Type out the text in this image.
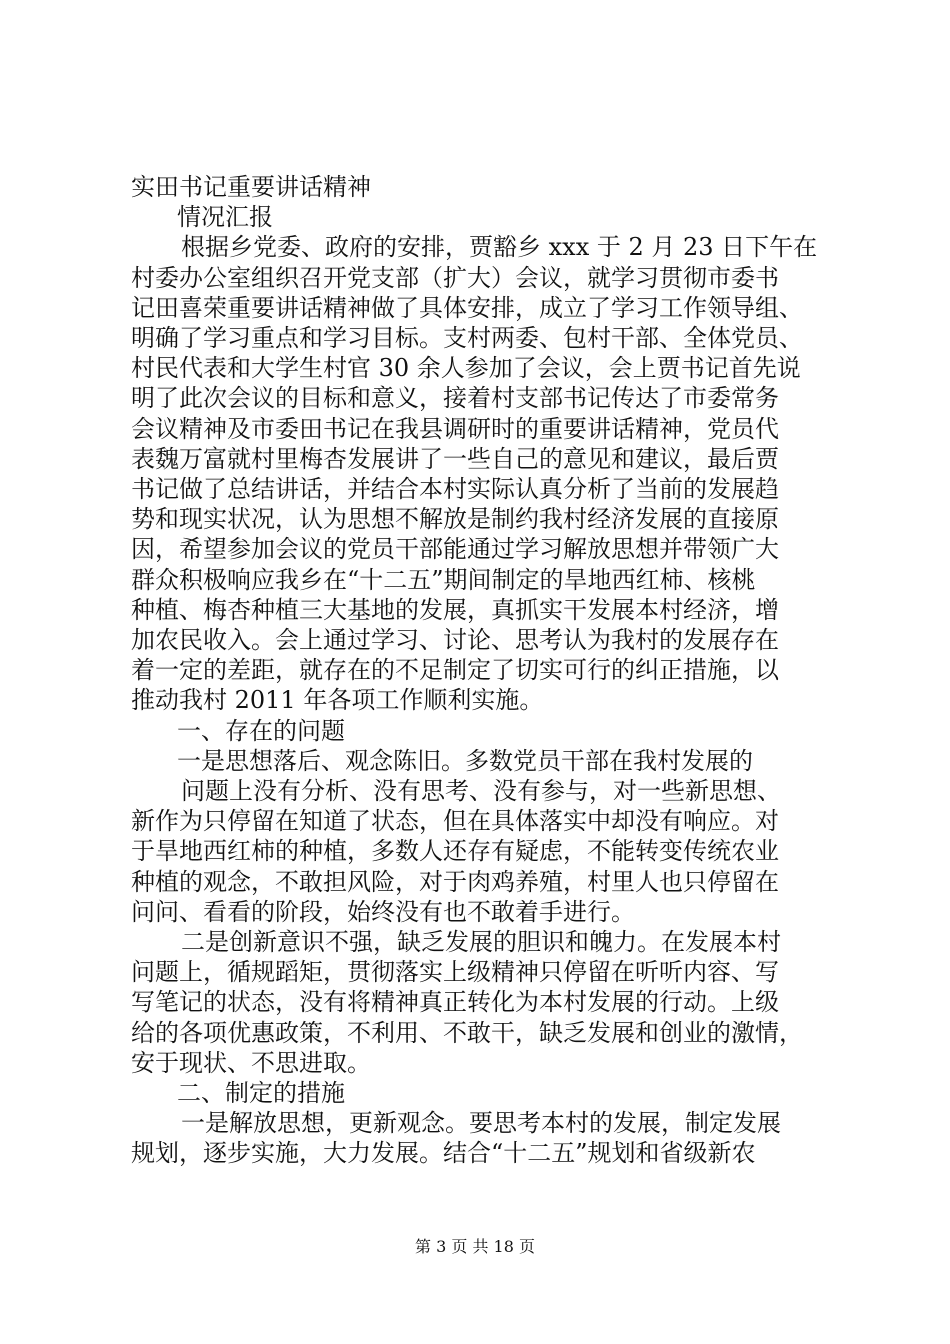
实田书记重要讲话精神
情况汇报
根据乡党委、政府的安排，贾豁乡 xxx 于 2 月 23 日下午在
村委办公室组织召开党支部（扩大）会议，就学习贯彻市委书
记田喜荣重要讲话精神做了具体安排，成立了学习工作领导组、
明确了学习重点和学习目标。支村两委、包村干部、全体党员、
村民代表和大学生村官 30 余人参加了会议，会上贾书记首先说
明了此次会议的目标和意义，接着村支部书记传达了市委常务
会议精神及市委田书记在我县调研时的重要讲话精神，党员代
表魏万富就村里梅杏发展讲了一些自己的意见和建议，最后贾
书记做了总结讲话，并结合本村实际认真分析了当前的发展趋
势和现实状况，认为思想不解放是制约我村经济发展的直接原
因，希望参加会议的党员干部能通过学习解放思想并带领广大
群众积极响应我乡在“十二五”期间制定的旱地西红柿、核桃
种植、梅杏种植三大基地的发展，真抓实干发展本村经济，增
加农民收入。会上通过学习、讨论、思考认为我村的发展存在
着一定的差距，就存在的不足制定了切实可行的纠正措施，以
推动我村 2011 年各项工作顺利实施。
一、存在的问题
一是思想落后、观念陈旧。多数党员干部在我村发展的
问题上没有分析、没有思考、没有参与，对一些新思想、
新作为只停留在知道了状态，但在具体落实中却没有响应。对
于旱地西红柿的种植，多数人还存有疑虑，不能转变传统农业
种植的观念，不敢担风险，对于肉鸡养殖，村里人也只停留在
问问、看看的阶段，始终没有也不敢着手进行。
二是创新意识不强，缺乏发展的胆识和魄力。在发展本村
问题上，循规蹈矩，贯彻落实上级精神只停留在听听内容、写
写笔记的状态，没有将精神真正转化为本村发展的行动。上级
给的各项优惠政策，不利用、不敢干，缺乏发展和创业的激情，
安于现状、不思进取。
二、制定的措施
一是解放思想，更新观念。要思考本村的发展，制定发展
规划，逐步实施，大力发展。结合“十二五”规划和省级新农
第 3 页 共 18 页
